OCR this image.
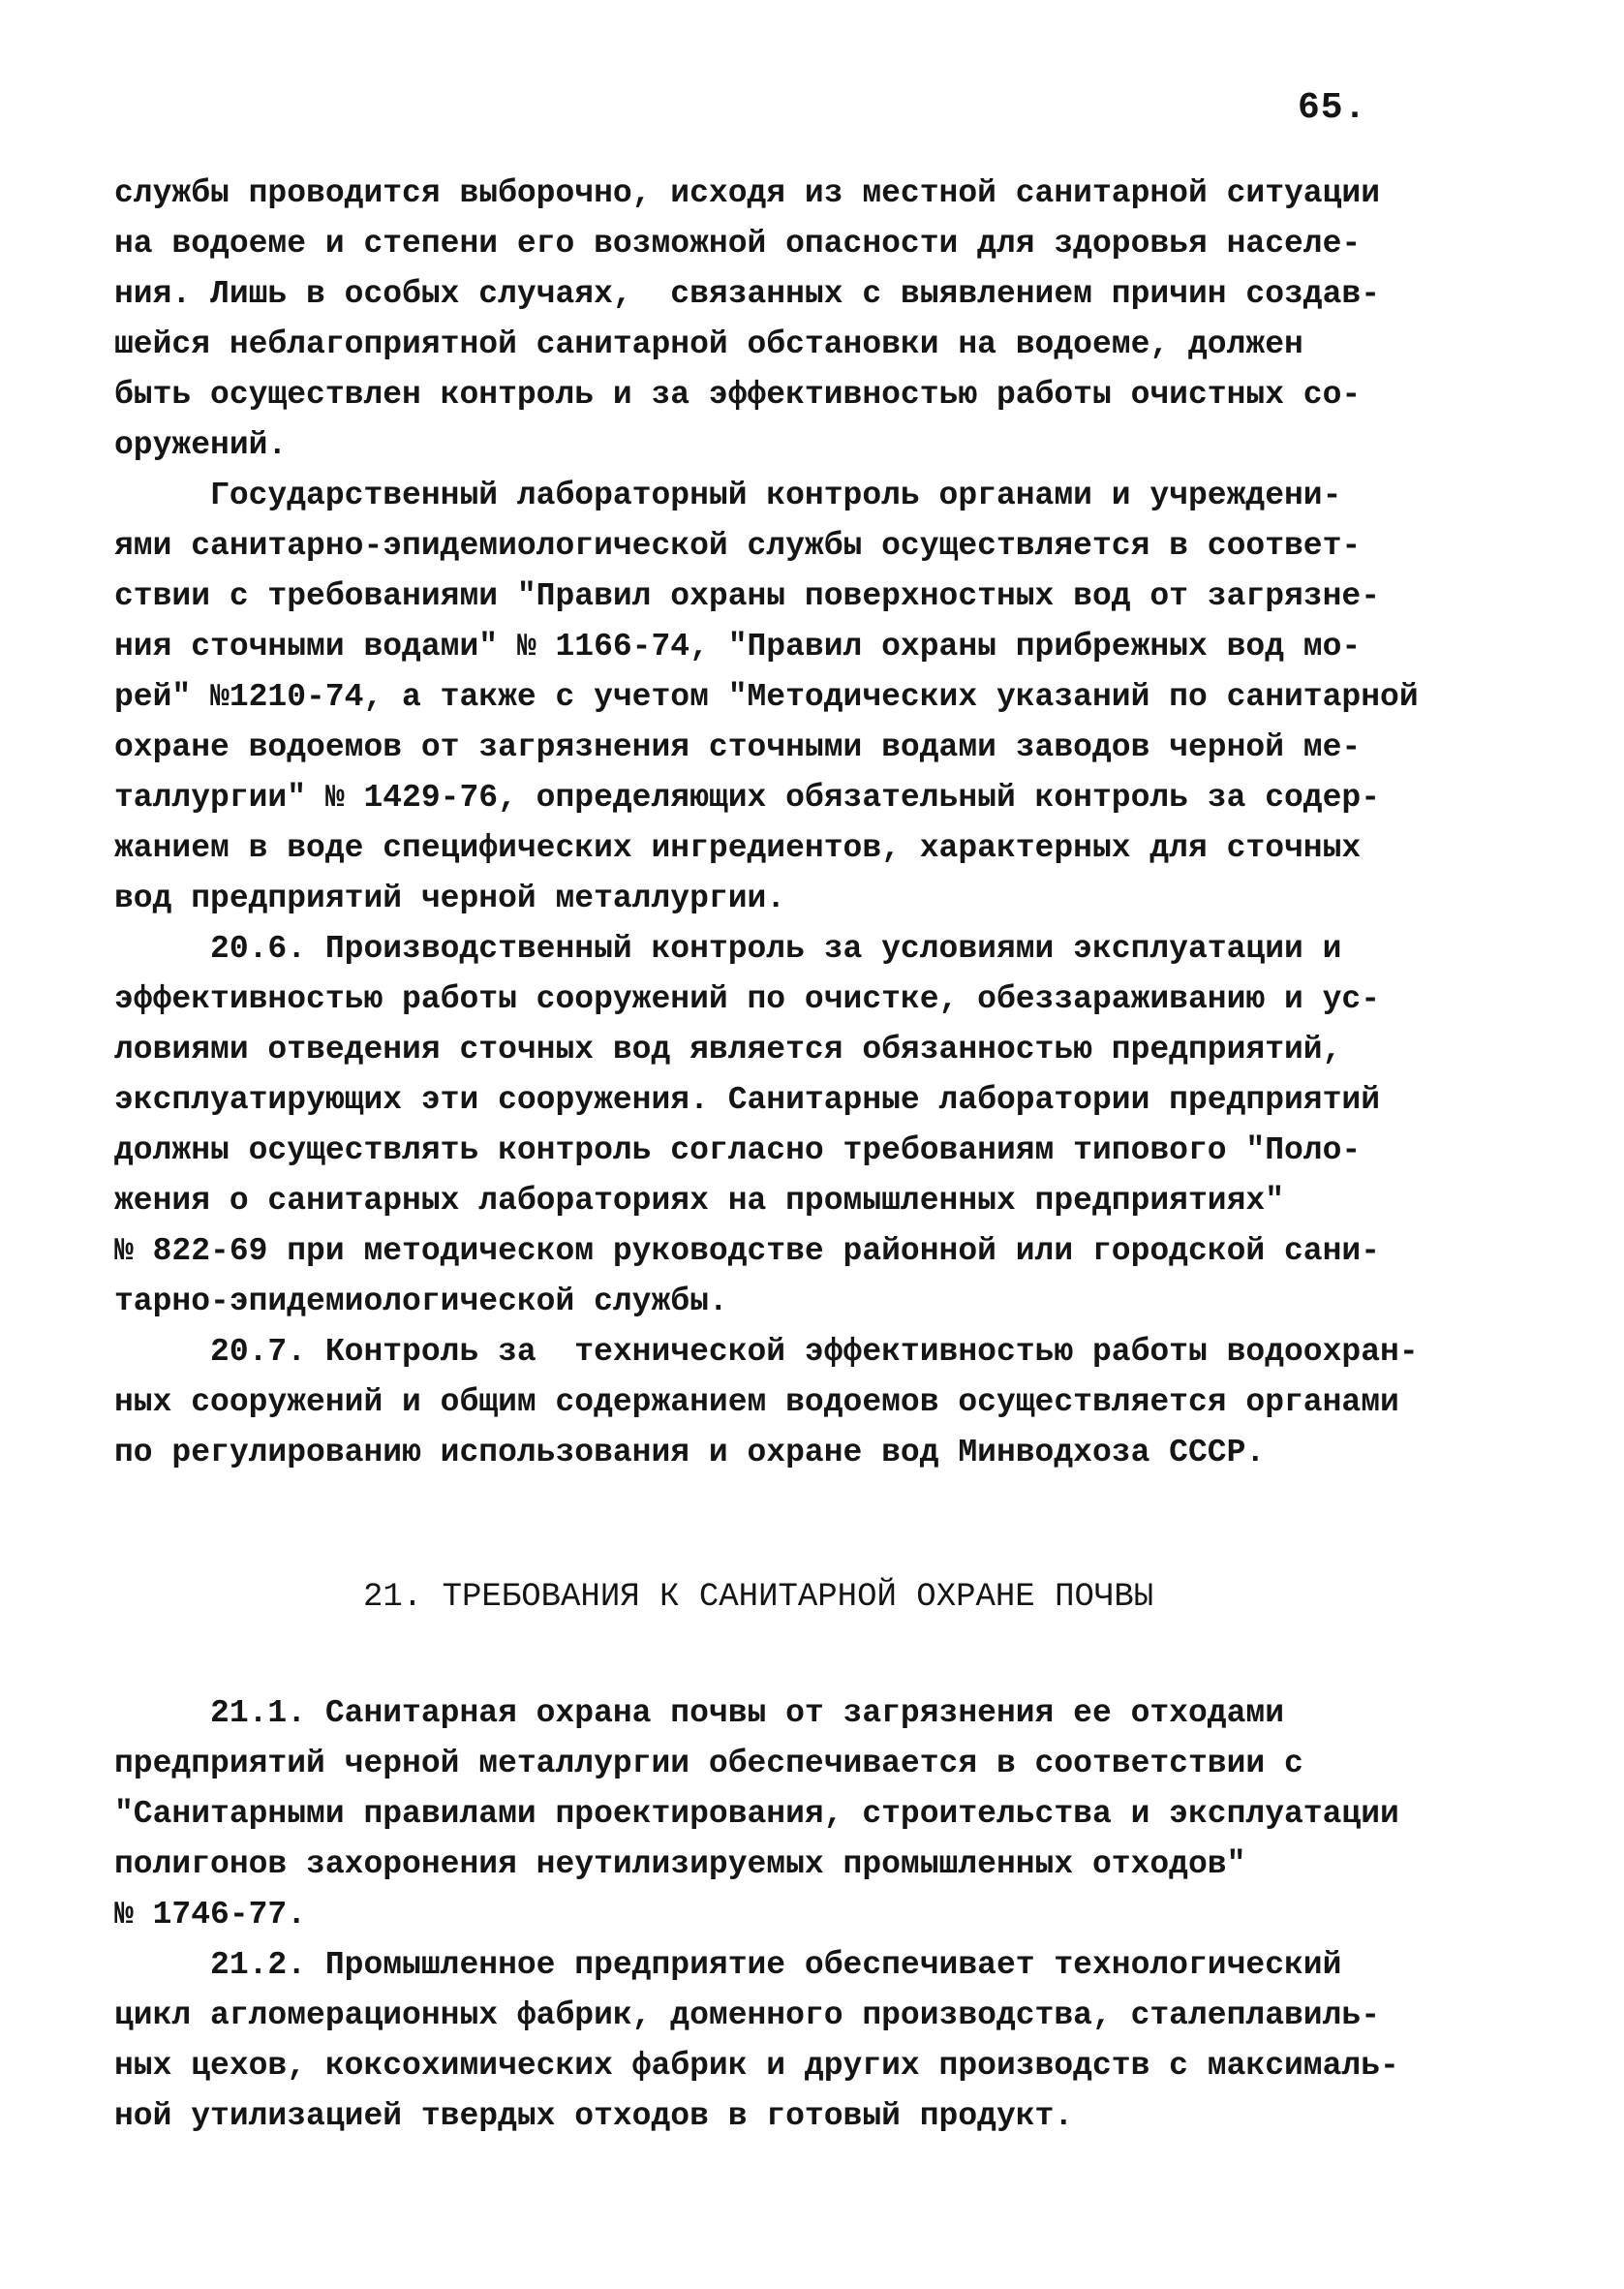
65.
службы проводится выборочно, исходя из местной санитарной ситуации
на водоеме и степени его возможной опасности для здоровья населе-
ния. Лишь в особых случаях,  связанных с выявлением причин создав-
шейся неблагоприятной санитарной обстановки на водоеме, должен
быть осуществлен контроль и за эффективностью работы очистных со-
оружений.
Государственный лабораторный контроль органами и учреждени-
ями санитарно-эпидемиологической службы осуществляется в соответ-
ствии с требованиями "Правил охраны поверхностных вод от загрязне-
ния сточными водами" № 1166-74, "Правил охраны прибрежных вод мо-
рей" №1210-74, а также с учетом "Методических указаний по санитарной
охране водоемов от загрязнения сточными водами заводов черной ме-
таллургии" № 1429-76, определяющих обязательный контроль за содер-
жанием в воде специфических ингредиентов, характерных для сточных
вод предприятий черной металлургии.
20.6. Производственный контроль за условиями эксплуатации и
эффективностью работы сооружений по очистке, обеззараживанию и ус-
ловиями отведения сточных вод является обязанностью предприятий,
эксплуатирующих эти сооружения. Санитарные лаборатории предприятий
должны осуществлять контроль согласно требованиям типового "Поло-
жения о санитарных лабораториях на промышленных предприятиях"
№ 822-69 при методическом руководстве районной или городской сани-
тарно-эпидемиологической службы.
20.7. Контроль за  технической эффективностью работы водоохран-
ных сооружений и общим содержанием водоемов осуществляется органами
по регулированию использования и охране вод Минводхоза СССР.
21. ТРЕБОВАНИЯ К САНИТАРНОЙ ОХРАНЕ ПОЧВЫ
21.1. Санитарная охрана почвы от загрязнения ее отходами
предприятий черной металлургии обеспечивается в соответствии с
"Санитарными правилами проектирования, строительства и эксплуатации
полигонов захоронения неутилизируемых промышленных отходов"
№ 1746-77.
21.2. Промышленное предприятие обеспечивает технологический
цикл агломерационных фабрик, доменного производства, сталеплавиль-
ных цехов, коксохимических фабрик и других производств с максималь-
ной утилизацией твердых отходов в готовый продукт.
